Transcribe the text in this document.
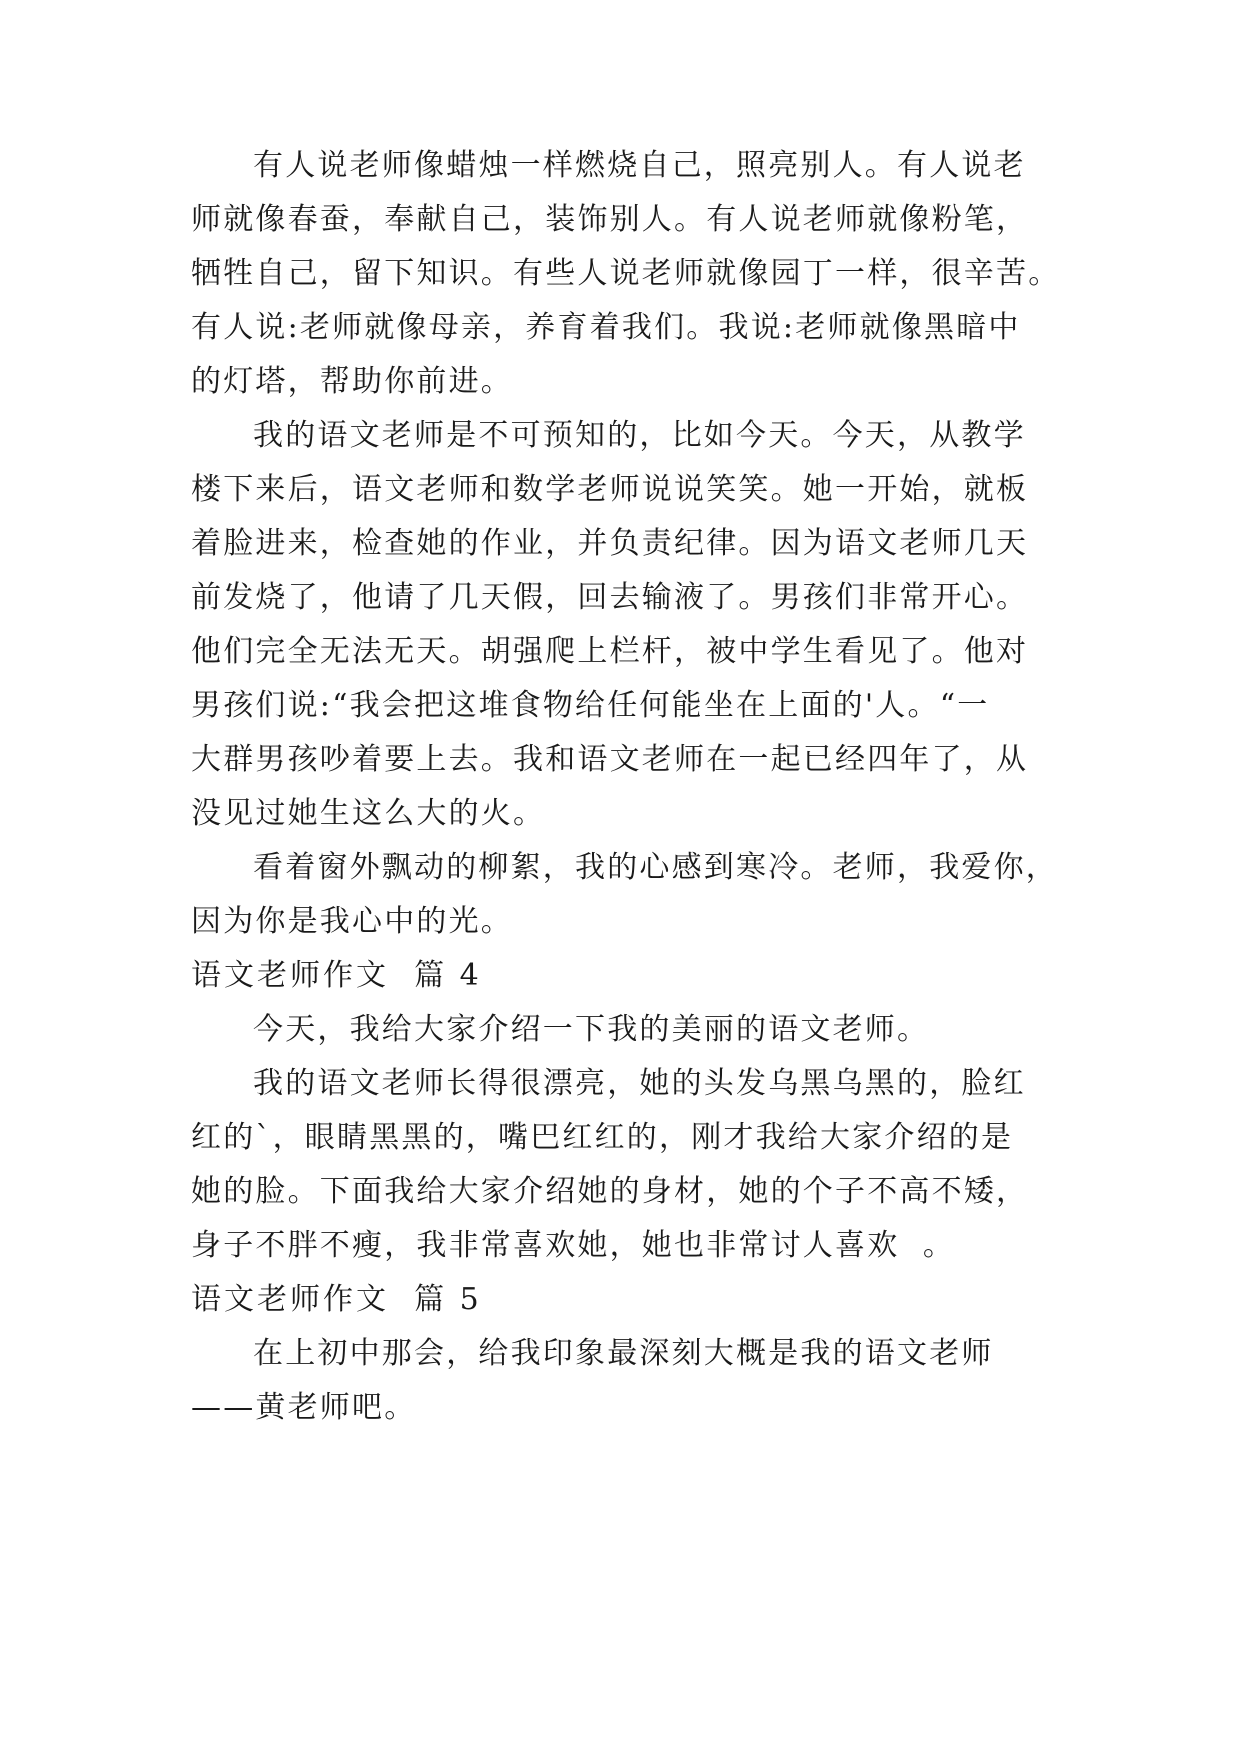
有人说老师像蜡烛一样燃烧自己，照亮别人。有人说老
师就像春蚕，奉献自己，装饰别人。有人说老师就像粉笔，
牺牲自己，留下知识。有些人说老师就像园丁一样，很辛苦。
有人说:老师就像母亲，养育着我们。我说:老师就像黑暗中
的灯塔，帮助你前进。
我的语文老师是不可预知的，比如今天。今天，从教学
楼下来后，语文老师和数学老师说说笑笑。她一开始，就板
着脸进来，检查她的作业，并负责纪律。因为语文老师几天
前发烧了，他请了几天假，回去输液了。男孩们非常开心。
他们完全无法无天。胡强爬上栏杆，被中学生看见了。他对
男孩们说:“我会把这堆食物给任何能坐在上面的'人。“一
大群男孩吵着要上去。我和语文老师在一起已经四年了，从
没见过她生这么大的火。
看着窗外飘动的柳絮，我的心感到寒冷。老师，我爱你，
因为你是我心中的光。
语文老师作文  篇 4
今天，我给大家介绍一下我的美丽的语文老师。
我的语文老师长得很漂亮，她的头发乌黑乌黑的，脸红
红的`，眼睛黑黑的，嘴巴红红的，刚才我给大家介绍的是
她的脸。下面我给大家介绍她的身材，她的个子不高不矮，
身子不胖不瘦，我非常喜欢她，她也非常讨人喜欢  。
语文老师作文  篇 5
在上初中那会，给我印象最深刻大概是我的语文老师
——黄老师吧。
